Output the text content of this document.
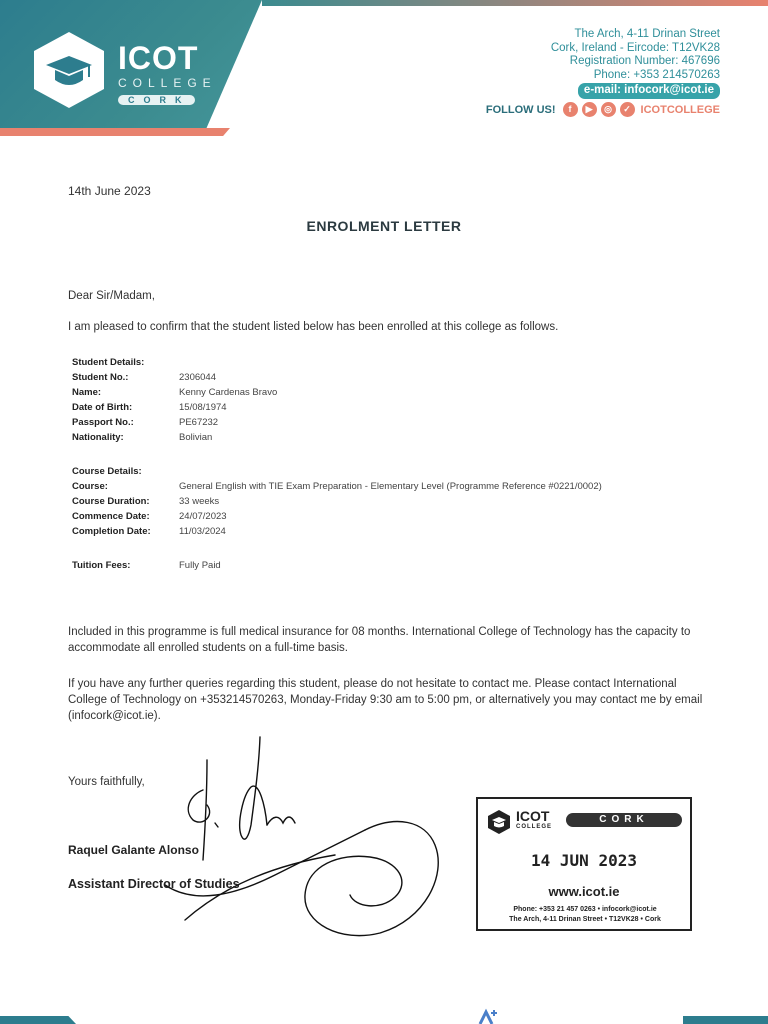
ICOT
COLLEGE
CORK
The Arch, 4-11 Drinan Street
Cork, Ireland - Eircode: T12VK28
Registration Number: 467696
Phone: +353 214570263
e-mail: infocork@icot.ie
FOLLOW US!	f	▶	◎	✓ ICOTCOLLEGE
14th June 2023
ENROLMENT LETTER
Dear Sir/Madam,
I am pleased to confirm that the student listed below has been enrolled at this college as follows.
Student Details:
Student No.:	2306044
Name:	Kenny Cardenas Bravo
Date of Birth:	15/08/1974
Passport No.:	PE67232
Nationality:	Bolivian
Course Details:
Course:	General English with TIE Exam Preparation - Elementary Level (Programme Reference #0221/0002)
Course Duration:	33 weeks
Commence Date:	24/07/2023
Completion Date:	11/03/2024
Tuition Fees:	Fully Paid
Included in this programme is full medical insurance for 08 months. International College of Technology has the capacity to accommodate all enrolled students on a full-time basis.
If you have any further queries regarding this student, please do not hesitate to contact me. Please contact International College of Technology on +353214570263, Monday-Friday 9:30 am to 5:00 pm, or alternatively you may contact me by email (infocork@icot.ie).
Yours faithfully,
Raquel Galante Alonso
Assistant Director of Studies
ICOT
COLLEGE
CORK
14 JUN 2023
www.icot.ie
Phone: +353 21 457 0263 • infocork@icot.ie
The Arch, 4-11 Drinan Street • T12VK28 • Cork
